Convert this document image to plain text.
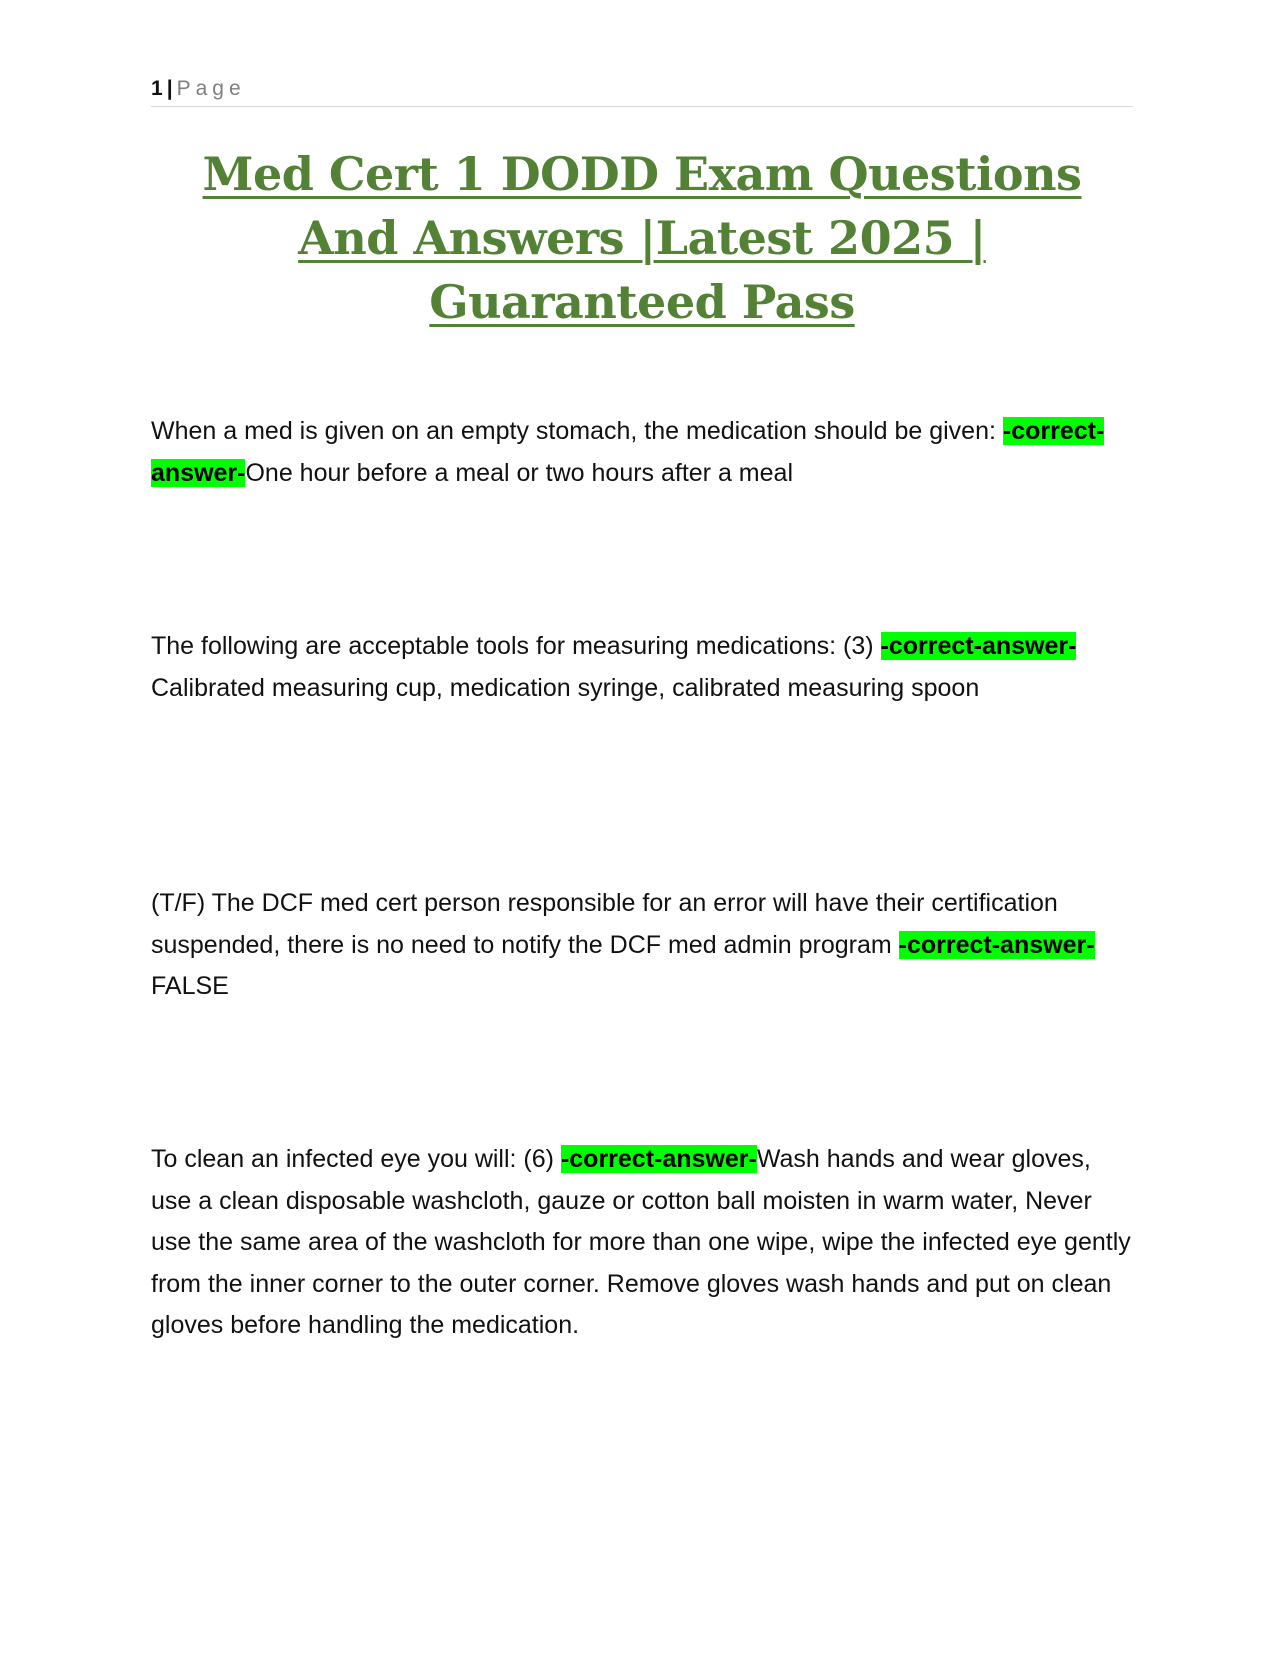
1 | Page
Med Cert 1 DODD Exam Questions And Answers |Latest 2025 | Guaranteed Pass

When a med is given on an empty stomach, the medication should be given: -correct-answer-One hour before a meal or two hours after a meal

The following are acceptable tools for measuring medications: (3) -correct-answer-Calibrated measuring cup, medication syringe, calibrated measuring spoon

(T/F) The DCF med cert person responsible for an error will have their certification suspended, there is no need to notify the DCF med admin program -correct-answer-FALSE

To clean an infected eye you will: (6) -correct-answer-Wash hands and wear gloves, use a clean disposable washcloth, gauze or cotton ball moisten in warm water, Never use the same area of the washcloth for more than one wipe, wipe the infected eye gently from the inner corner to the outer corner. Remove gloves wash hands and put on clean gloves before handling the medication.
